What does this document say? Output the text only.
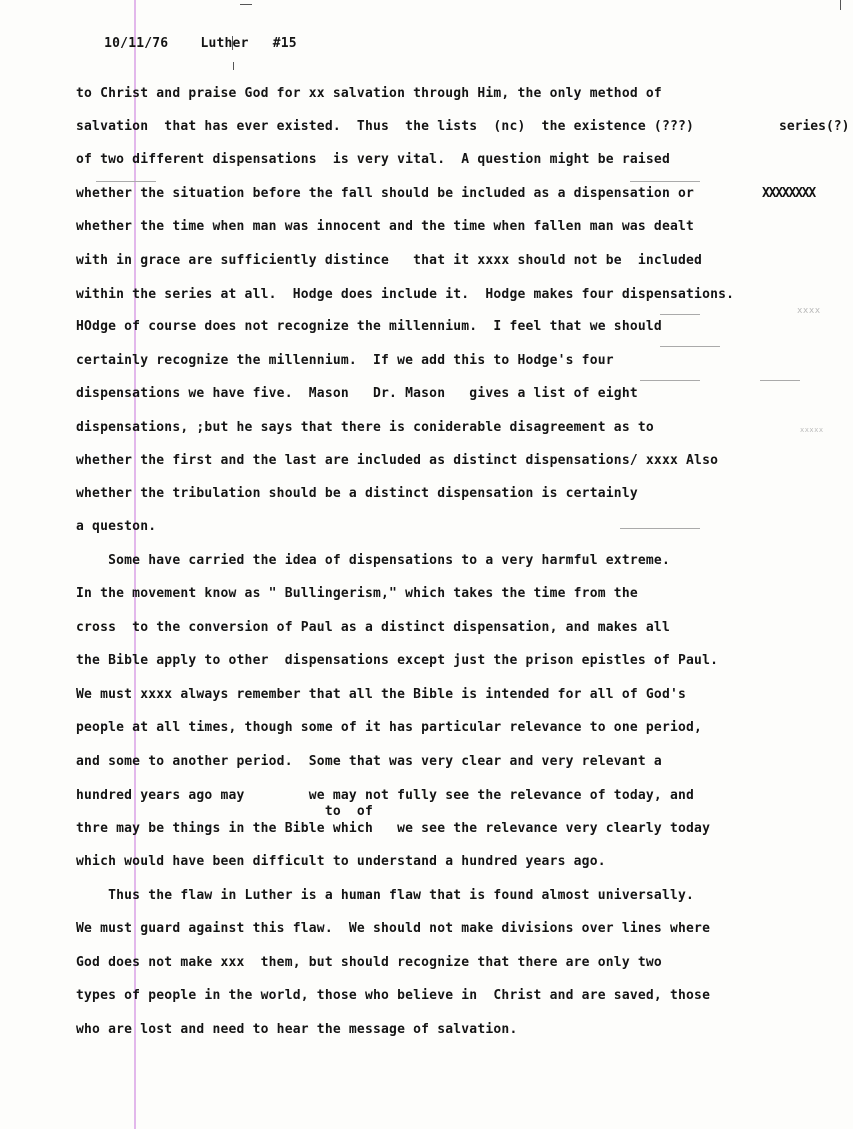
10/11/76 Luther #15

series(?)
XXXXXXXX
xxxx
xxxxx
to Christ and praise God for xx salvation through Him, the only method of
salvation  that has ever existed.  Thus  the lists  (nc)  the existence (???)
of two different dispensations  is very vital.  A question might be raised
whether the situation before the fall should be included as a dispensation or
whether the time when man was innocent and the time when fallen man was dealt
with in grace are sufficiently distince   that it xxxx should not be  included
within the series at all.  Hodge does include it.  Hodge makes four dispensations.
HOdge of course does not recognize the millennium.  I feel that we should
certainly recognize the millennium.  If we add this to Hodge's four
dispensations we have five.  Mason   Dr. Mason   gives a list of eight
dispensations, ;but he says that there is coniderable disagreement as to
whether the first and the last are included as distinct dispensations/ xxxx Also
whether the tribulation should be a distinct dispensation is certainly
a queston.
Some have carried the idea of dispensations to a very harmful extreme.
In the movement know as " Bullingerism," which takes the time from the
cross  to the conversion of Paul as a distinct dispensation, and makes all
the Bible apply to other  dispensations except just the prison epistles of Paul.
We must xxxx always remember that all the Bible is intended for all of God's
people at all times, though some of it has particular relevance to one period,
and some to another period.  Some that was very clear and very relevant a
hundred years ago may        we may not fully see the relevance of today, and
to  of
thre may be things in the Bible which   we see the relevance very clearly today
which would have been difficult to understand a hundred years ago.
Thus the flaw in Luther is a human flaw that is found almost universally.
We must guard against this flaw.  We should not make divisions over lines where
God does not make xxx  them, but should recognize that there are only two
types of people in the world, those who believe in  Christ and are saved, those
who are lost and need to hear the message of salvation.
